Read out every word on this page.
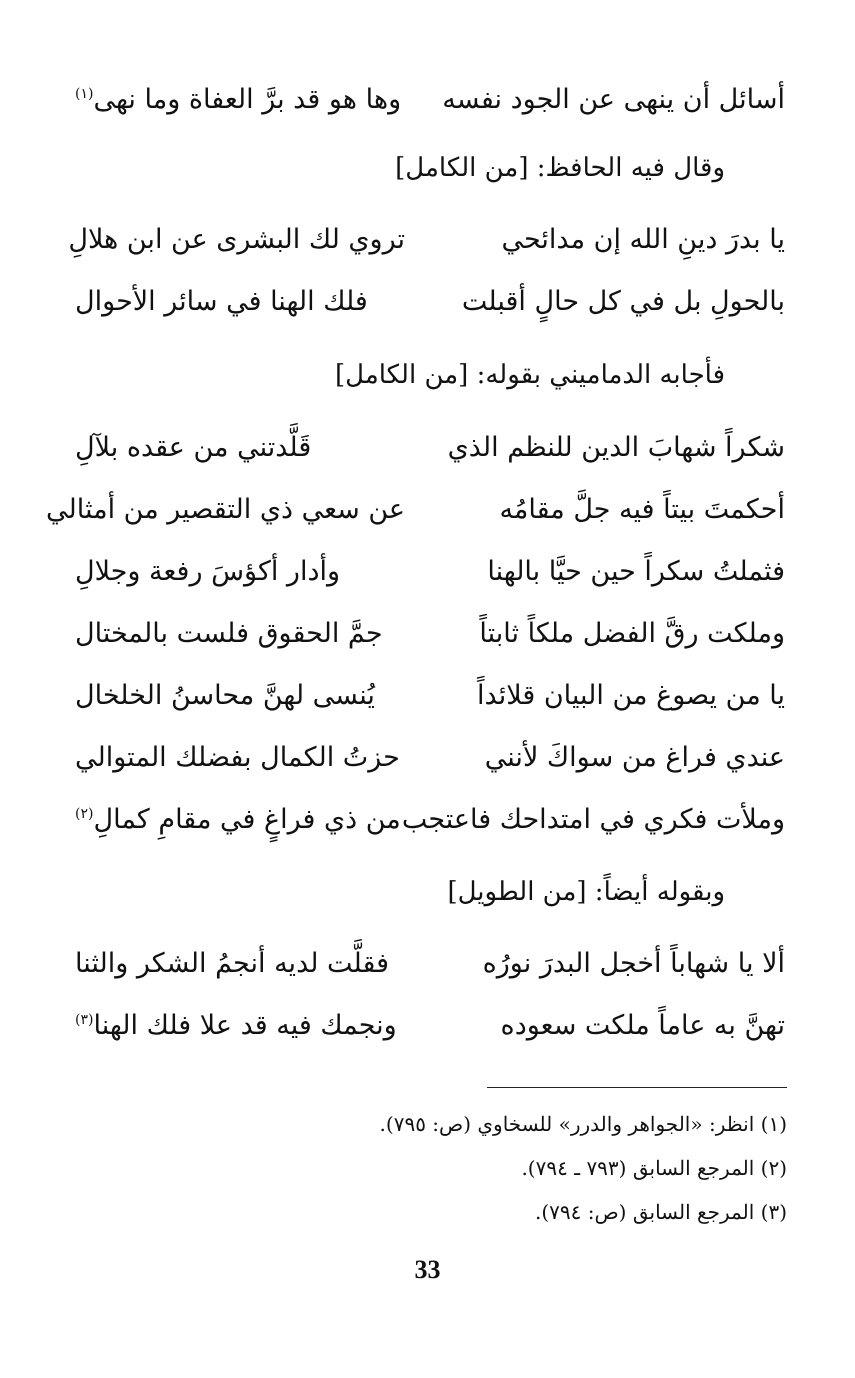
أسائل أن ينهى عن الجود نفسه
وها هو قد برَّ العفاة وما نهى$^{(١)}$
وقال فيه الحافظ: [من الكامل]
يا بدرَ دينِ الله إن مدائحي
تروي لك البشرى عن ابن هلالِ
بالحولِ بل في كل حالٍ أقبلت
فلك الهنا في سائر الأحوال
فأجابه الدماميني بقوله: [من الكامل]
شكراً شهابَ الدين للنظم الذي
قَلَّدتني من عقده بلآلِ
أحكمتَ بيتاً فيه جلَّ مقامُه
عن سعي ذي التقصير من أمثالي
فثملتُ سكراً حين حيَّا بالهنا
وأدار أكؤسَ رفعة وجلالِ
وملكت رقَّ الفضل ملكاً ثابتاً
جمَّ الحقوق فلست بالمختال
يا من يصوغ من البيان قلائداً
يُنسى لهنَّ محاسنُ الخلخال
عندي فراغ من سواكَ لأنني
حزتُ الكمال بفضلك المتوالي
وملأت فكري في امتداحك فاعتجب
من ذي فراغٍ في مقامِ كمالِ$^{(٢)}$
وبقوله أيضاً: [من الطويل]
ألا يا شهاباً أخجل البدرَ نورُه
فقلَّت لديه أنجمُ الشكر والثنا
تهنَّ به عاماً ملكت سعوده
ونجمك فيه قد علا فلك الهنا$^{(٣)}$
(١) انظر: «الجواهر والدرر» للسخاوي (ص: ٧٩٥).
(٢) المرجع السابق (٧٩٣ ـ ٧٩٤).
(٣) المرجع السابق (ص: ٧٩٤).
33
